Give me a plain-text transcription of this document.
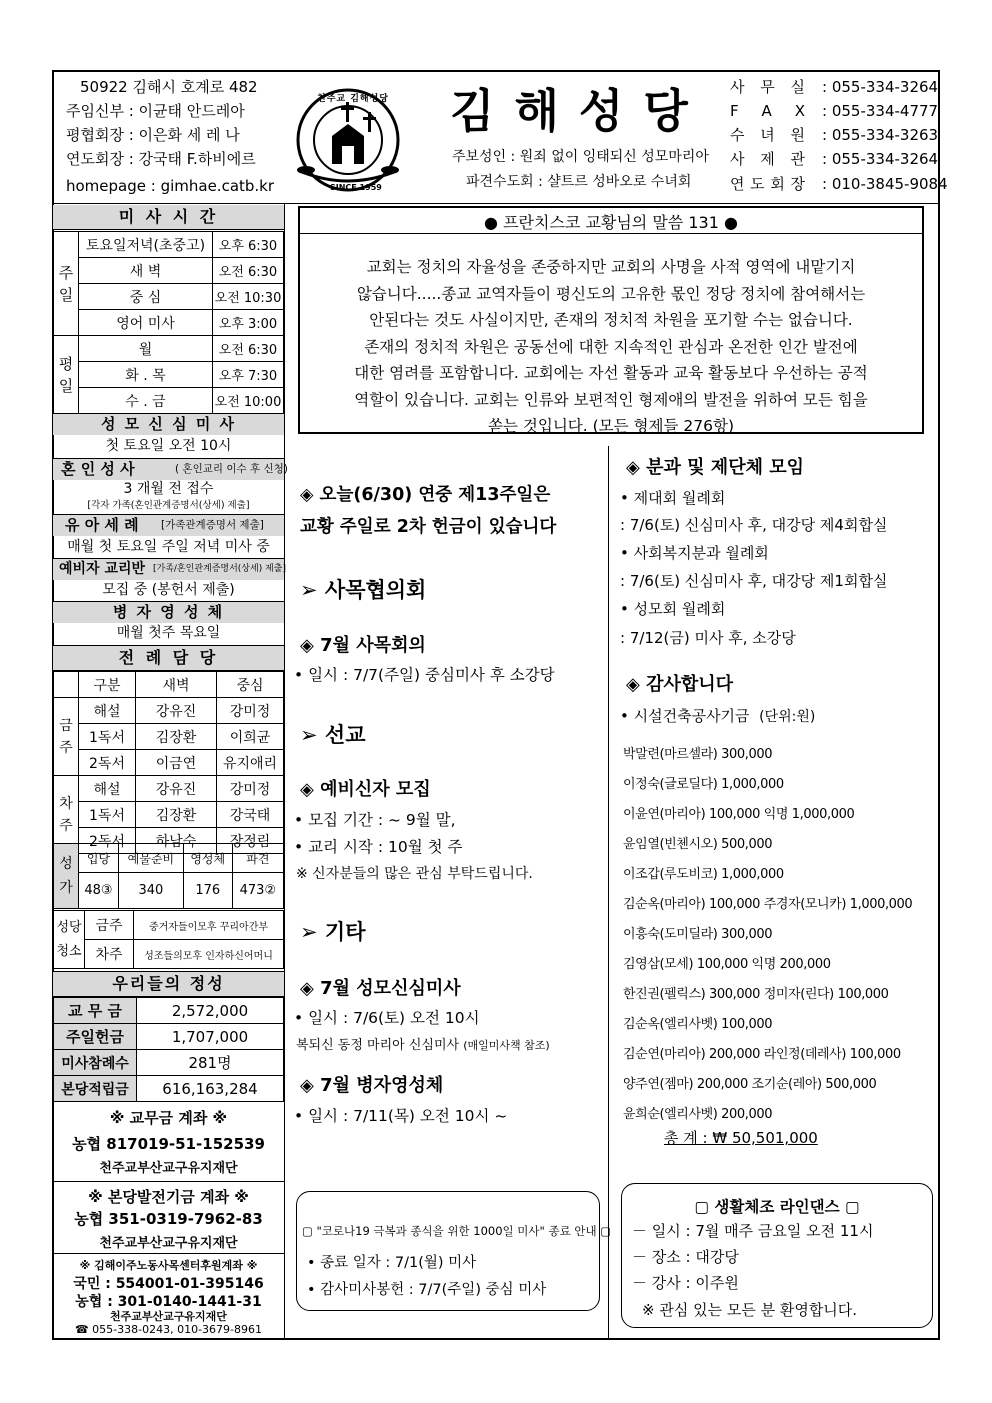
50922 김해시 호계로 482
주임신부 : 이균태 안드레아
평협회장 : 이은화 세 레 나
연도회장 : 강국태 F.하비에르
homepage : gimhae.catb.kr
천주교 김해성당
SINCE 1959
김 해 성 당
주보성인 : 원죄 없이 잉태되신 성모마리아
파견수도회 : 샬트르 성바오로 수녀회
사 무 실 : 055-334-3264
F A X : 055-334-4777
수 녀 원 : 055-334-3263
사 제 관 : 055-334-3264
연 도 회 장 : 010-3845-9084
미 사 시 간
주일	토요일저녁(초중고)	오후 6:30
	새 벽	오전 6:30
	중 심	오전 10:30
	영어 미사	오후 3:00
평일	월	오전 6:30
	화 . 목	오후 7:30
	수 . 금	오전 10:00
성 모 신 심 미 사
첫 토요일 오전 10시
혼 인 성 사	( 혼인교리 이수 후 신청)
3 개월 전 접수
[각자 가족(혼인관계증명서(상세) 제출]
유 아 세 례 [가족관계증명서 제출]
매월 첫 토요일 주일 저녁 미사 중
예비자 교리반 [가족/혼인관계증명서(상세) 제출]
모집 중 (봉헌서 제출)
병 자 영 성 체
매월 첫주 목요일
전 례 담 당
	구분	새벽	중심
금주	해설	강유진	강미정
	1독서	김장환	이희균
	2독서	이금연	유지애리
차주	해설	강유진	강미정
	1독서	김장환	강국태
	2독서	하남숙	장정림
성가	입당	예물준비	영성체	파견
	48③	340	176	473②
성당청소	금주	중거자들이모후 꾸리아간부
	차주	성조들의모후 인자하신어머니
우리들의 정성
교 무 금	2,572,000
주일헌금	1,707,000
미사참례수	281명
본당적립금	616,163,284
※ 교무금 계좌 ※
농협 817019-51-152539
천주교부산교구유지재단
※ 본당발전기금 계좌 ※
농협 351-0319-7962-83
천주교부산교구유지재단
※ 김해이주노동사목센터후원계좌 ※
국민 : 554001-01-395146
농협 : 301-0140-1441-31
천주교부산교구유지재단
☎ 055-338-0243, 010-3679-8961
● 프란치스코 교황님의 말씀 131 ●
교회는 정치의 자율성을 존중하지만 교회의 사명을 사적 영역에 내맡기지
않습니다.....종교 교역자들이 평신도의 고유한 몫인 정당 정치에 참여해서는
안된다는 것도 사실이지만, 존재의 정치적 차원을 포기할 수는 없습니다.
존재의 정치적 차원은 공동선에 대한 지속적인 관심과 온전한 인간 발전에
대한 염려를 포함합니다. 교회에는 자선 활동과 교육 활동보다 우선하는 공적
역할이 있습니다. 교회는 인류와 보편적인 형제애의 발전을 위하여 모든 힘을
쏟는 것입니다. (모든 형제들 276항)
◈ 오늘(6/30) 연중 제13주일은
교황 주일로 2차 헌금이 있습니다
➢ 사목협의회
◈ 7월 사목회의
• 일시 : 7/7(주일) 중심미사 후 소강당
➢ 선교
◈ 예비신자 모집
• 모집 기간 : ~ 9월 말,
• 교리 시작 : 10월 첫 주
※ 신자분들의 많은 관심 부탁드립니다.
➢ 기타
◈ 7월 성모신심미사
• 일시 : 7/6(토) 오전 10시
복되신 동정 마리아 신심미사 (매일미사책 참조)
◈ 7월 병자영성체
• 일시 : 7/11(목) 오전 10시 ~
▢ "코로나19 극복과 종식을 위한 1000일 미사" 종료 안내 ▢
• 종료 일자 : 7/1(월) 미사
• 감사미사봉헌 : 7/7(주일) 중심 미사
◈ 분과 및 제단체 모임
• 제대회 월례회
: 7/6(토) 신심미사 후, 대강당 제4회합실
• 사회복지분과 월례회
: 7/6(토) 신심미사 후, 대강당 제1회합실
• 성모회 월례회
: 7/12(금) 미사 후, 소강당
◈ 감사합니다
• 시설건축공사기금 (단위:원)
박말련(마르셀라) 300,000
이정숙(글로딜다) 1,000,000
이윤연(마리아) 100,000 익명 1,000,000
윤임열(빈첸시오) 500,000
이조갑(루도비코) 1,000,000
김순옥(마리아) 100,000 주경자(모니카) 1,000,000
이흥숙(도미딜라) 300,000
김영삼(모세) 100,000 익명 200,000
한진권(펠릭스) 300,000 정미자(린다) 100,000
김순옥(엘리사벳) 100,000
김순연(마리아) 200,000 라인정(데레사) 100,000
양주연(젬마) 200,000 조기순(레아) 500,000
윤희순(엘리사벳) 200,000
총 계 : ₩ 50,501,000
▢ 생활체조 라인댄스 ▢
－ 일시 : 7월 매주 금요일 오전 11시
－ 장소 : 대강당
－ 강사 : 이주원
※ 관심 있는 모든 분 환영합니다.
